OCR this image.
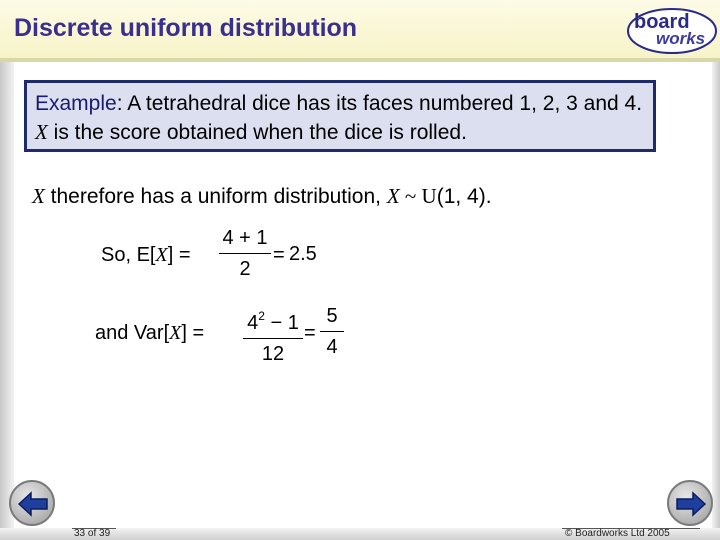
Discrete uniform distribution	board
works
Example: A tetrahedral dice has its faces numbered 1, 2, 3 and 4. X is the score obtained when the dice is rolled.
X therefore has a uniform distribution, X ~ U(1, 4).
So, E[X] =
4 + 1
2
= 2.5
and $Var[X] = 4^2 - 1$
12
=
5
4
33 of 39	© Boardworks Ltd 2005
